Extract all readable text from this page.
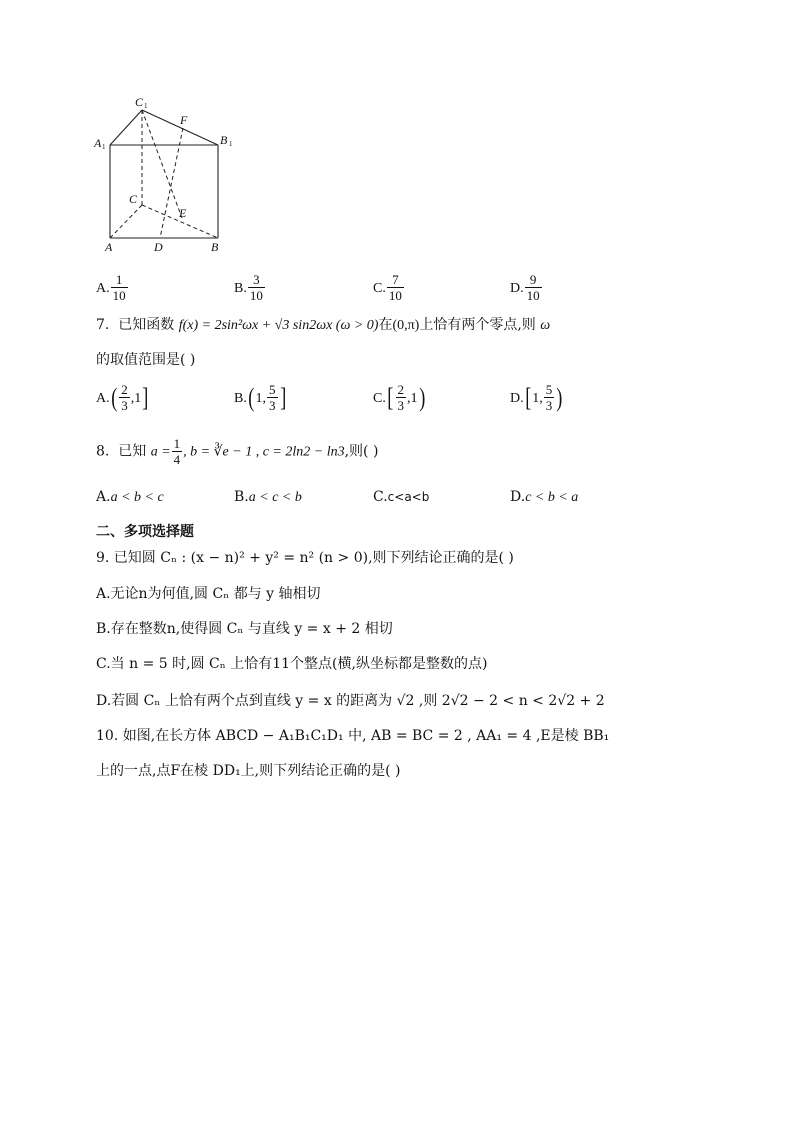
C 1
A 1	B 1
F
C
E
A	D	B
A. $\frac{1}{10}$	B. $\frac{3}{10}$	C. $\frac{7}{10}$	D. $\frac{9}{10}$
7. 已知函数 f(x) = 2sin²ωx + √3 sin2ωx (ω > 0)在(0,π)上恰有两个零点,则 ω
的取值范围是( )
$A.( \frac{2}{3} ,1]$	B.(1, $\frac{5}{3}$ ]	$C.[ \frac{2}{3} ,1)$	D.[1, $\frac{5}{3}$ )
8. 已知 $a = \frac{1}{4}$ , b = ∛e − 1 , c = 2ln2 − ln3,则( )
A.a < b < c	B.a < c < b	C.c<a<b	D.c < b < a
二、多项选择题
9. 已知圆 Cₙ : (x − n)² + y² = n² (n > 0),则下列结论正确的是( )
A.无论n为何值,圆 Cₙ 都与 y 轴相切
B.存在整数n,使得圆 Cₙ 与直线 y = x + 2 相切
C.当 n = 5 时,圆 Cₙ 上恰有11个整点(横,纵坐标都是整数的点)
D.若圆 Cₙ 上恰有两个点到直线 y = x 的距离为 √2 ,则 2√2 − 2 < n < 2√2 + 2
10. 如图,在长方体 ABCD − A₁B₁C₁D₁ 中, AB = BC = 2 , AA₁ = 4 ,E是棱 BB₁
上的一点,点F在棱 DD₁上,则下列结论正确的是( )
